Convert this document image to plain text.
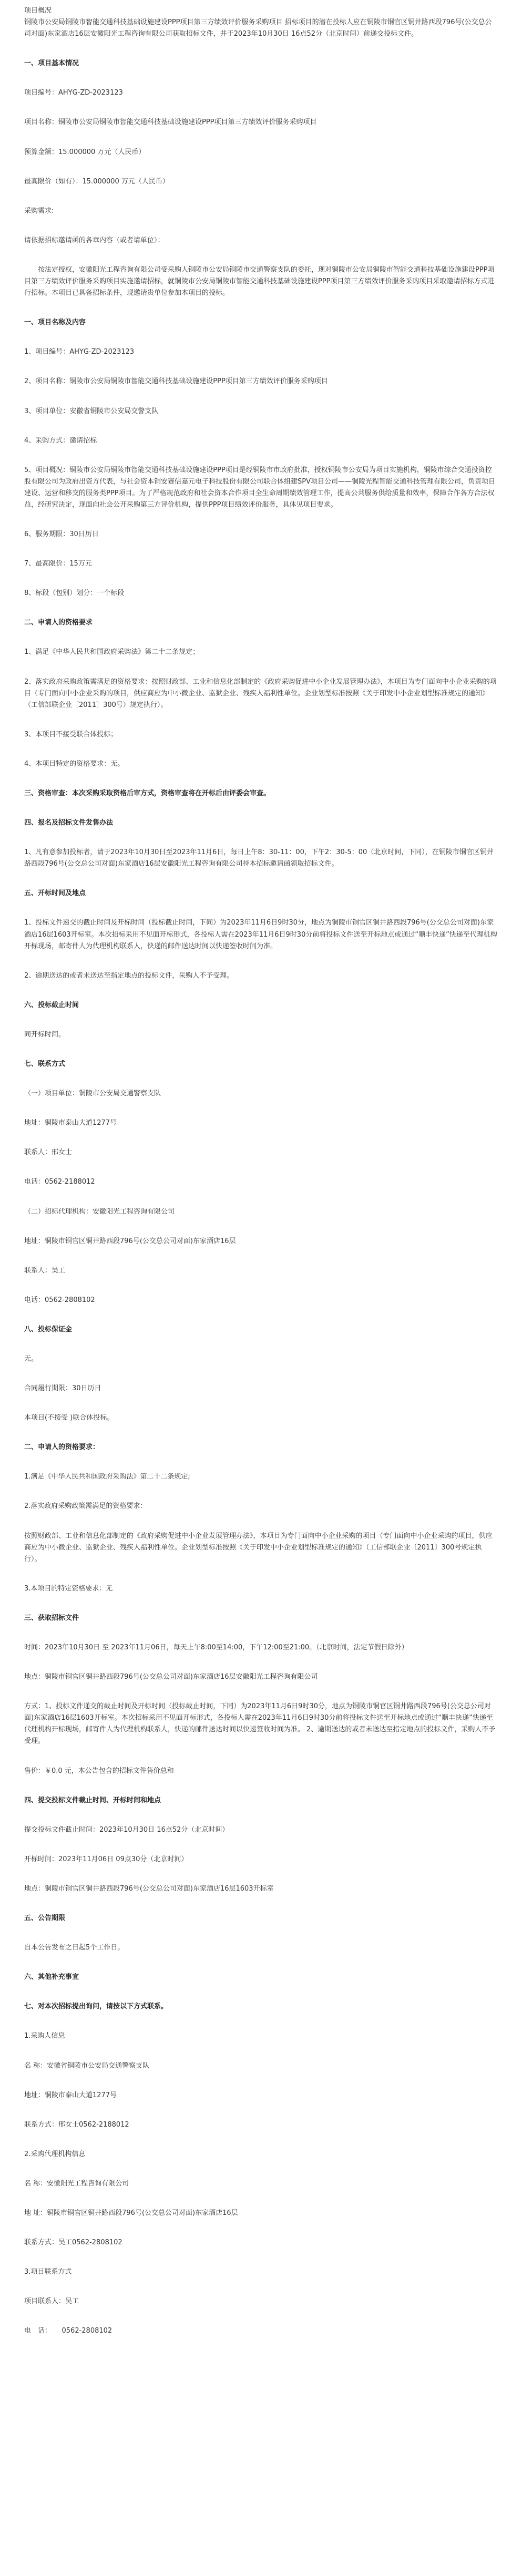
项目概况
铜陵市公安局铜陵市智能交通科技基础设施建设PPP项目第三方绩效评价服务采购项目 招标项目的潜在投标人应在铜陵市铜官区铜井路西段796号(公交总公司对面)东家酒店16层安徽阳光工程咨询有限公司获取招标文件，并于2023年10月30日 16点52分（北京时间）前递交投标文件。
一、项目基本情况
项目编号：AHYG-ZD-2023123
项目名称：铜陵市公安局铜陵市智能交通科技基础设施建设PPP项目第三方绩效评价服务采购项目
预算金额：15.000000 万元（人民币）
最高限价（如有）：15.000000 万元（人民币）
采购需求:
请依据招标邀请函的各章内容（或者请单位）：
按法定授权，安徽阳光工程咨询有限公司受采购人铜陵市公安局铜陵市交通警察支队的委托，现对铜陵市公安局铜陵市智能交通科技基础设施建设PPP项目第三方绩效评价服务采购项目实施邀请招标，就铜陵市公安局铜陵市智能交通科技基础设施建设PPP项目第三方绩效评价服务采购项目采取邀请招标方式进行招标。本项目已具备招标条件，现邀请贵单位参加本项目的投标。
一、项目名称及内容
1、项目编号：AHYG-ZD-2023123
2、项目名称：铜陵市公安局铜陵市智能交通科技基础设施建设PPP项目第三方绩效评价服务采购项目
3、项目单位：安徽省铜陵市公安局交警支队
4、采购方式：邀请招标
5、项目概况：铜陵市公安局铜陵市智能交通科技基础设施建设PPP项目是经铜陵市市政府批准，授权铜陵市公安局为项目实施机构，铜陵市综合交通投资控股有限公司为政府出资方代表，与社会资本铜安赛信嘉元电子科技股份有限公司联合体组建SPV项目公司——铜陵光程智能交通科技管理有限公司，负责项目建设、运营和移交的服务类PPP项目。为了严格规范政府和社会资本合作项目全生命周期绩效管理工作，提高公共服务供给质量和效率，保障合作各方合法权益，经研究决定，现面向社会公开采购第三方评价机构，提供PPP项目绩效评价服务，具体见项目要求。
6、服务期限：30日历日
7、最高限价：15万元
8、标段（包别）划分：一个标段
二、申请人的资格要求
1、满足《中华人民共和国政府采购法》第二十二条规定；
2、落实政府采购政策需满足的资格要求：按照财政部、工业和信息化部制定的《政府采购促进中小企业发展管理办法》，本项目为专门面向中小企业采购的项目（专门面向中小企业采购的项目，供应商应为中小微企业、监狱企业、残疾人福利性单位。企业划型标准按照《关于印发中小企业划型标准规定的通知》（工信部联企业〔2011〕300号）规定执行）。
3、本项目不接受联合体投标；
4、本项目特定的资格要求：无。
三、资格审查：本次采购采取资格后审方式，资格审查将在开标后由评委会审查。
四、报名及招标文件发售办法
1、凡有意参加投标者，请于2023年10月30日至2023年11月6日，每日上午8：30-11：00，下午2：30-5：00（北京时间，下同），在铜陵市铜官区铜井路西段796号(公交总公司对面)东家酒店16层安徽阳光工程咨询有限公司持本招标邀请函领取招标文件。
五、开标时间及地点
1、投标文件递交的截止时间及开标时间（投标截止时间，下同）为2023年11月6日9时30分，地点为铜陵市铜官区铜井路西段796号(公交总公司对面)东家酒店16层1603开标室。本次招标采用不见面开标形式，各投标人需在2023年11月6日9时30分前将投标文件送至开标地点或通过“顺丰快递”快递至代理机构开标现场，邮寄件人为代理机构联系人，快递的邮件送达时间以快递签收时间为准。
2、逾期送达的或者未送达至指定地点的投标文件，采购人不予受理。
六、投标截止时间
同开标时间。
七、联系方式
（一）项目单位：铜陵市公安局交通警察支队
地址：铜陵市泰山大道1277号
联系人：邢女士
电话：0562-2188012
（二）招标代理机构：安徽阳光工程咨询有限公司
地址：铜陵市铜官区铜井路西段796号(公交总公司对面)东家酒店16层
联系人：吴工
电话：0562-2808102
八、投标保证金
无。
合同履行期限：30日历日
本项目(不接受 )联合体投标。
二、申请人的资格要求：
1.满足《中华人民共和国政府采购法》第二十二条规定;
2.落实政府采购政策需满足的资格要求：
按照财政部、工业和信息化部制定的《政府采购促进中小企业发展管理办法》，本项目为专门面向中小企业采购的项目（专门面向中小企业采购的项目，供应商应为中小微企业、监狱企业、残疾人福利性单位。企业划型标准按照《关于印发中小企业划型标准规定的通知》（工信部联企业〔2011〕300号规定执行）。
3.本项目的特定资格要求：无
三、获取招标文件
时间：2023年10月30日 至 2023年11月06日，每天上午8:00至14:00，下午12:00至21:00。（北京时间，法定节假日除外）
地点：铜陵市铜官区铜井路西段796号(公交总公司对面)东家酒店16层安徽阳光工程咨询有限公司
方式：1、投标文件递交的截止时间及开标时间（投标截止时间，下同）为2023年11月6日9时30分，地点为铜陵市铜官区铜井路西段796号(公交总公司对面)东家酒店16层1603开标室。本次招标采用不见面开标形式，各投标人需在2023年11月6日9时30分前将投标文件送至开标地点或通过“顺丰快递”快递至代理机构开标现场，邮寄件人为代理机构联系人，快递的邮件送达时间以快递签收时间为准。 2、逾期送达的或者未送达至指定地点的投标文件，采购人不予受理。
售价：￥0.0 元，本公告包含的招标文件售价总和
四、提交投标文件截止时间、开标时间和地点
提交投标文件截止时间：2023年10月30日 16点52分（北京时间）
开标时间：2023年11月06日 09点30分（北京时间）
地点：铜陵市铜官区铜井路西段796号(公交总公司对面)东家酒店16层1603开标室
五、公告期限
自本公告发布之日起5个工作日。
六、其他补充事宜
七、对本次招标提出询问，请按以下方式联系。
1.采购人信息
名 称：安徽省铜陵市公安局交通警察支队
地址：铜陵市泰山大道1277号
联系方式：邢女士0562-2188012
2.采购代理机构信息
名 称：安徽阳光工程咨询有限公司
地 址：铜陵市铜官区铜井路西段796号(公交总公司对面)东家酒店16层
联系方式：吴工0562-2808102
3.项目联系方式
项目联系人：吴工
电　话：　　0562-2808102
